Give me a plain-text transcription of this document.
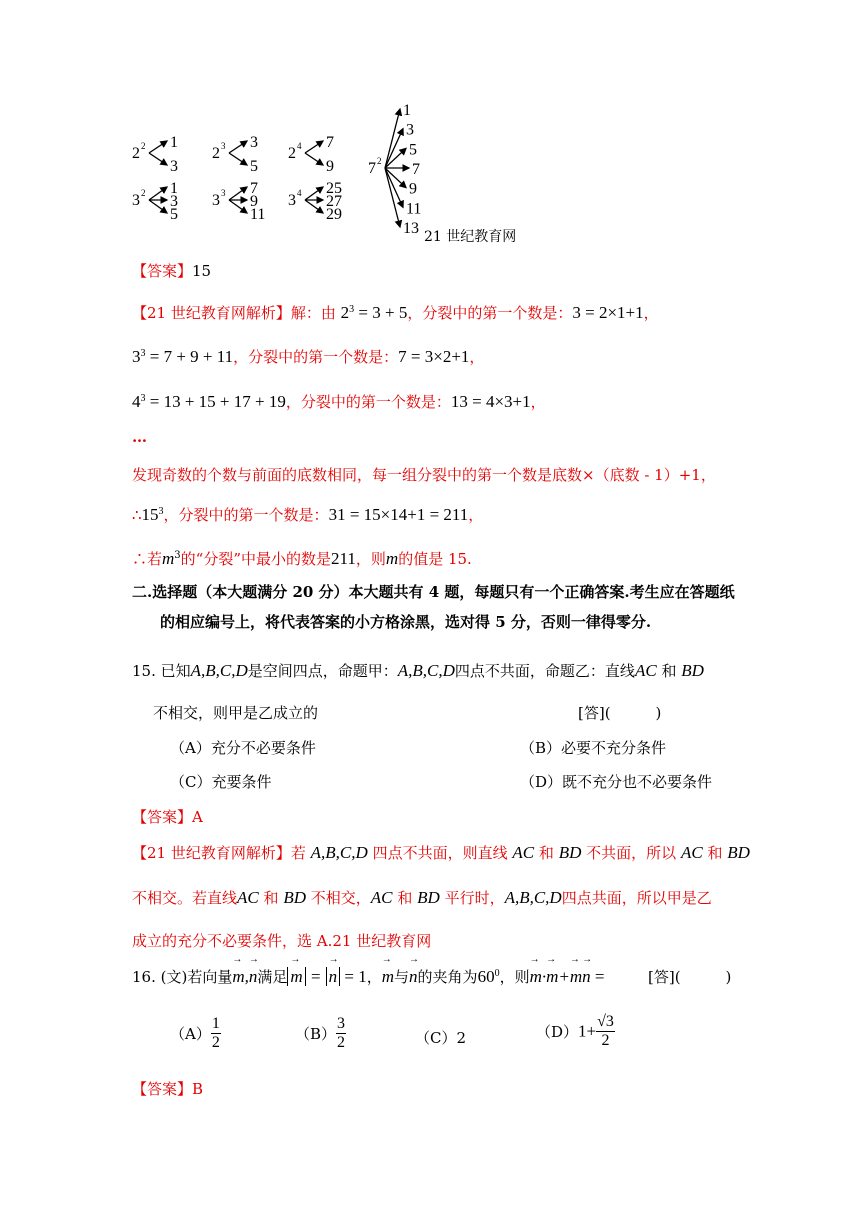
2 2 1
3
2 3 3
5
2 4 7
9
3 2 1
3
5
3 3 7
9
11
3 4 25
27
29
7 2
1
3
5
7
9
11
13 21 世纪教育网
【答案】15
【21 世纪教育网解析】解：由 $2^3 = 3 + 5$，分裂中的第一个数是：3 = 2×1+1，
$3^3 = 7 + 9 + 11$，分裂中的第一个数是：7 = 3×2+1，
$4^3 = 13 + 15 + 17 + 19$，分裂中的第一个数是：13 = 4×3+1，
…
发现奇数的个数与前面的底数相同，每一组分裂中的第一个数是底数×（底数 - 1）+1，
$\therefore 15^3$，分裂中的第一个数是：31 = 15×14+1 = 211，
∴若$m^3$的“分裂”中最小的数是211，则m的值是 15.
二.选择题（本大题满分 20 分）本大题共有 4 题，每题只有一个正确答案.考生应在答题纸
的相应编号上，将代表答案的小方格涂黑，选对得 5 分，否则一律得零分.
15. 已知A,B,C,D是空间四点，命题甲：A,B,C,D四点不共面，命题乙：直线AC 和 BD
不相交，则甲是乙成立的	[答](　　　)
（A）充分不必要条件	（B）必要不充分条件
（C）充要条件	（D）既不充分也不必要条件
【答案】A
【21 世纪教育网解析】若 A,B,C,D 四点不共面，则直线 AC 和 BD 不共面，所以 AC 和 BD
不相交。若直线AC 和 BD 不相交，AC 和 BD 平行时，A,B,C,D四点共面，所以甲是乙
成立的充分不必要条件，选 A.21 世纪教育网
16. (文)若向量→ m,→ n满足→ m = → n = 1，→ m与→ n的夹角为$60^0$，则→ m·→ m+→ m→ n =	[答](　　　)
$(A) \frac{1}{2}$	$(B) \frac{3}{2}$	（C）2	$(D)1+ \frac{√3}{2}$
【答案】B
